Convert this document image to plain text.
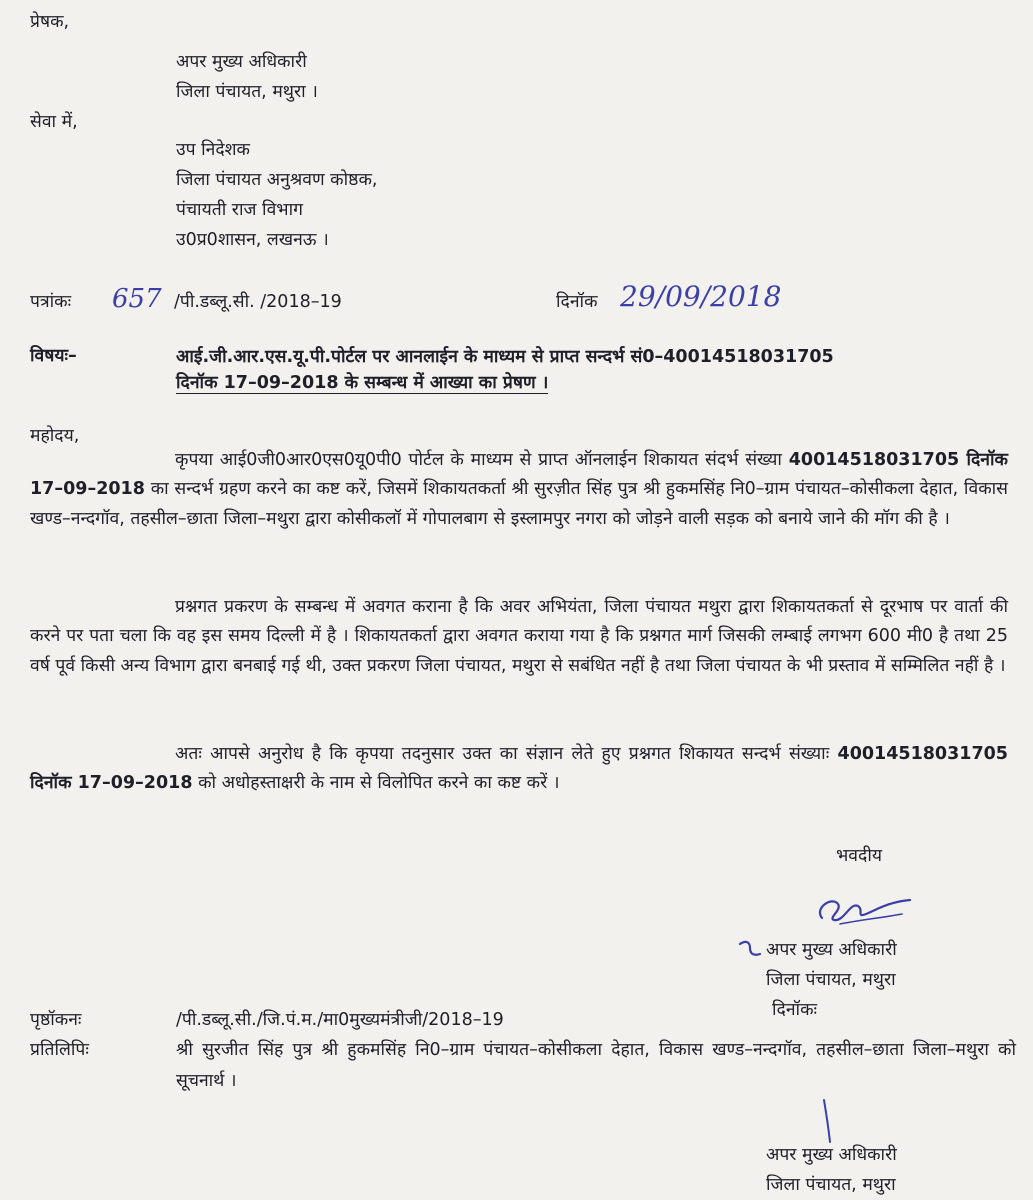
प्रेषक,
अपर मुख्य अधिकारी
जिला पंचायत, मथुरा ।
सेवा में,
उप निदेशक
जिला पंचायत अनुश्रवण कोष्ठक,
पंचायती राज विभाग
उ0प्र0शासन, लखनऊ ।
पत्रांकः 657 /पी.डब्लू.सी. /2018–19	दिनॉक 29/09/2018
विषयः–	आई.जी.आर.एस.यू.पी.पोर्टल पर आनलाईन के माध्यम से प्राप्त सन्दर्भ सं0–40014518031705
दिनॉक 17–09–2018 के सम्बन्ध में आख्या का प्रेषण ।
महोदय,
कृपया आई0जी0आर0एस0यू0पी0 पोर्टल के माध्यम से प्राप्त ऑनलाईन शिकायत संदर्भ संख्या 40014518031705 दिनॉक 17–09–2018 का सन्दर्भ ग्रहण करने का कष्ट करें, जिसमें शिकायतकर्ता श्री सुरज़ीत सिंह पुत्र श्री हुकमसिंह नि0–ग्राम पंचायत–कोसीकला देहात, विकास खण्ड–नन्दगॉव, तहसील–छाता जिला–मथुरा द्वारा कोसीकलॉ में गोपालबाग से इस्लामपुर नगरा को जोड़ने वाली सड़क को बनाये जाने की मॉग की है ।
प्रश्नगत प्रकरण के सम्बन्ध में अवगत कराना है कि अवर अभियंता, जिला पंचायत मथुरा द्वारा शिकायतकर्ता से दूरभाष पर वार्ता की करने पर पता चला कि वह इस समय दिल्ली में है । शिकायतकर्ता द्वारा अवगत कराया गया है कि प्रश्नगत मार्ग जिसकी लम्बाई लगभग 600 मी0 है तथा 25 वर्ष पूर्व किसी अन्य विभाग द्वारा बनबाई गई थी, उक्त प्रकरण जिला पंचायत, मथुरा से सबंधित नहीं है तथा जिला पंचायत के भी प्रस्ताव में सम्मिलित नहीं है ।
अतः आपसे अनुरोध है कि कृपया तदनुसार उक्त का संज्ञान लेते हुए प्रश्नगत शिकायत सन्दर्भ संख्याः 40014518031705 दिनॉक 17–09–2018 को अधोहस्ताक्षरी के नाम से विलोपित करने का कष्ट करें ।
भवदीय
अपर मुख्य अधिकारी
जिला पंचायत, मथुरा
दिनॉकः
पृष्ठॉकनः	/पी.डब्लू.सी./जि.पं.म./मा0मुख्यमंत्रीजी/2018–19
प्रतिलिपिः	श्री सुरजीत सिंह पुत्र श्री हुकमसिंह नि0–ग्राम पंचायत–कोसीकला देहात, विकास खण्ड–नन्दगॉव, तहसील–छाता जिला–मथुरा को सूचनार्थ ।
अपर मुख्य अधिकारी
जिला पंचायत, मथुरा
